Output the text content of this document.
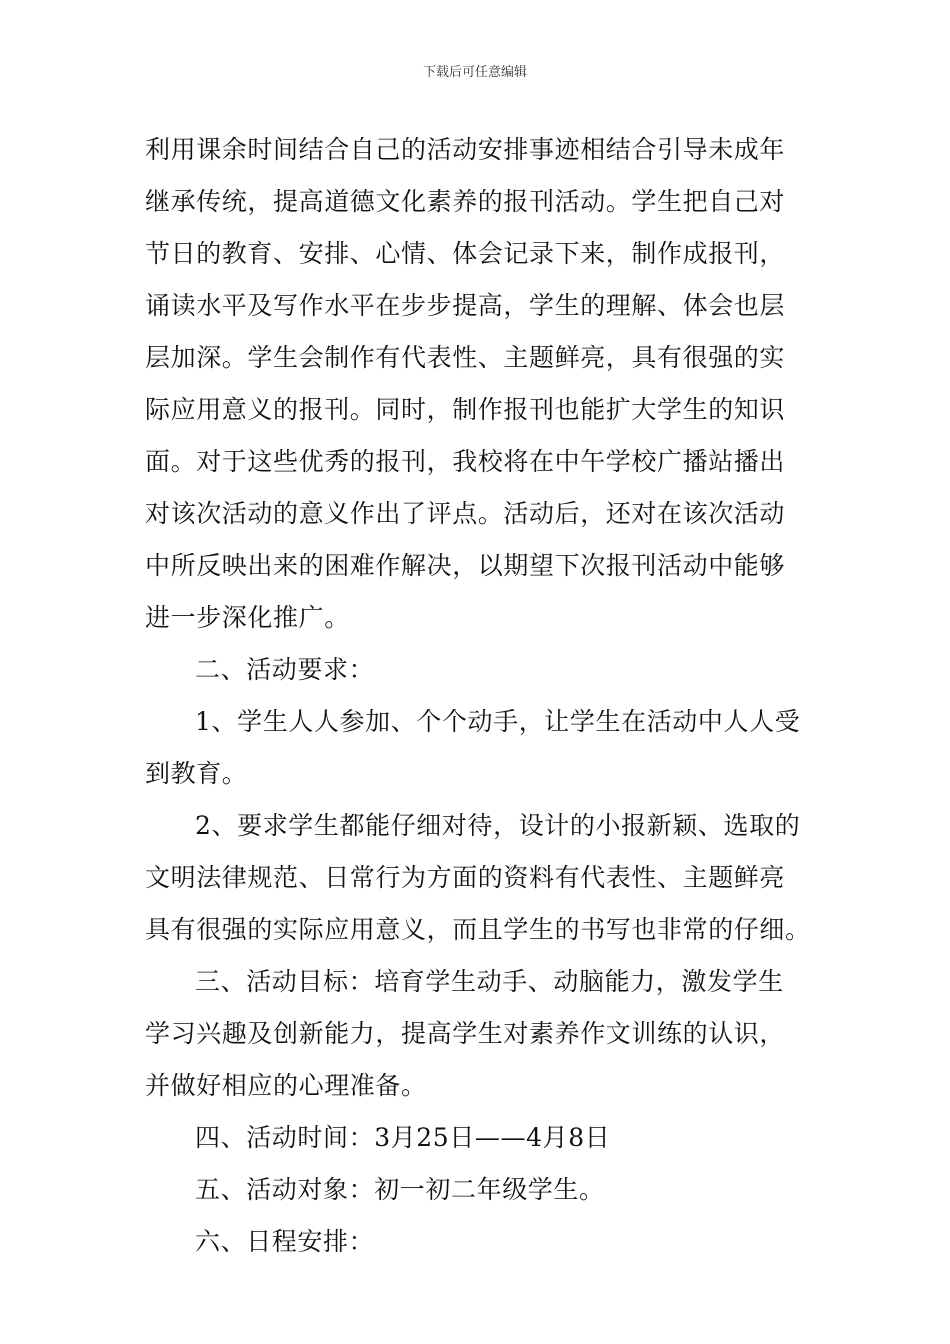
下载后可任意编辑
利用课余时间结合自己的活动安排事迹相结合引导未成年
继承传统，提高道德文化素养的报刊活动。学生把自己对
节日的教育、安排、心情、体会记录下来，制作成报刊，
诵读水平及写作水平在步步提高，学生的理解、体会也层
层加深。学生会制作有代表性、主题鲜亮，具有很强的实
际应用意义的报刊。同时，制作报刊也能扩大学生的知识
面。对于这些优秀的报刊，我校将在中午学校广播站播出
对该次活动的意义作出了评点。活动后，还对在该次活动
中所反映出来的困难作解决，以期望下次报刊活动中能够
进一步深化推广。
二、活动要求：
1、学生人人参加、个个动手，让学生在活动中人人受
到教育。
2、要求学生都能仔细对待，设计的小报新颖、选取的
文明法律规范、日常行为方面的资料有代表性、主题鲜亮
具有很强的实际应用意义，而且学生的书写也非常的仔细。
三、活动目标：培育学生动手、动脑能力，激发学生
学习兴趣及创新能力，提高学生对素养作文训练的认识，
并做好相应的心理准备。
四、活动时间：3月25日——4月8日
五、活动对象：初一初二年级学生。
六、日程安排：
